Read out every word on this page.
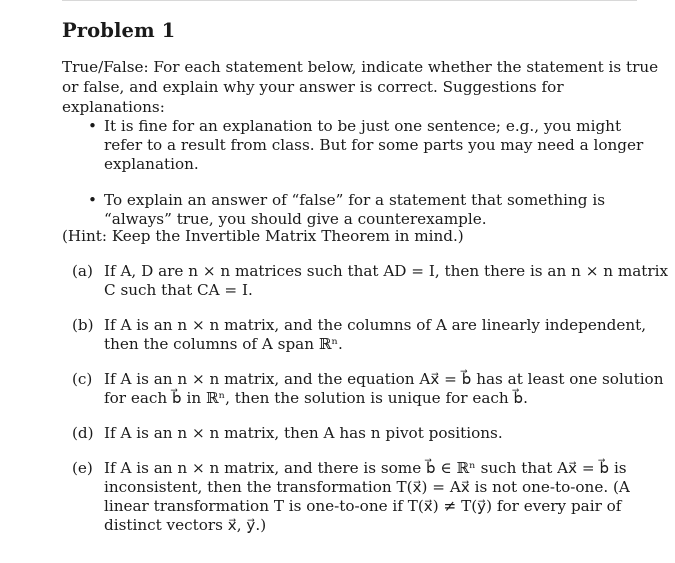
Problem 1
True/False: For each statement below, indicate whether the statement is true or false, and explain why your answer is correct. Suggestions for explanations:
• It is fine for an explanation to be just one sentence; e.g., you might refer to a result from class. But for some parts you may need a longer explanation.
• To explain an answer of “false” for a statement that something is “always” true, you should give a counterexample.
(Hint: Keep the Invertible Matrix Theorem in mind.)
(a) If A, D are n × n matrices such that AD = I, then there is an n × n matrix C such that CA = I.
(b) If A is an n × n matrix, and the columns of A are linearly independent, then the columns of A span ℝⁿ.
(c) If A is an n × n matrix, and the equation Ax⃗ = b⃗ has at least one solution for each b⃗ in ℝⁿ, then the solution is unique for each b⃗.
(d) If A is an n × n matrix, then A has n pivot positions.
(e) If A is an n × n matrix, and there is some b⃗ ∈ ℝⁿ such that Ax⃗ = b⃗ is inconsistent, then the transformation T(x⃗) = Ax⃗ is not one-to-one. (A linear transformation T is one-to-one if T(x⃗) ≠ T(y⃗) for every pair of distinct vectors x⃗, y⃗.)
